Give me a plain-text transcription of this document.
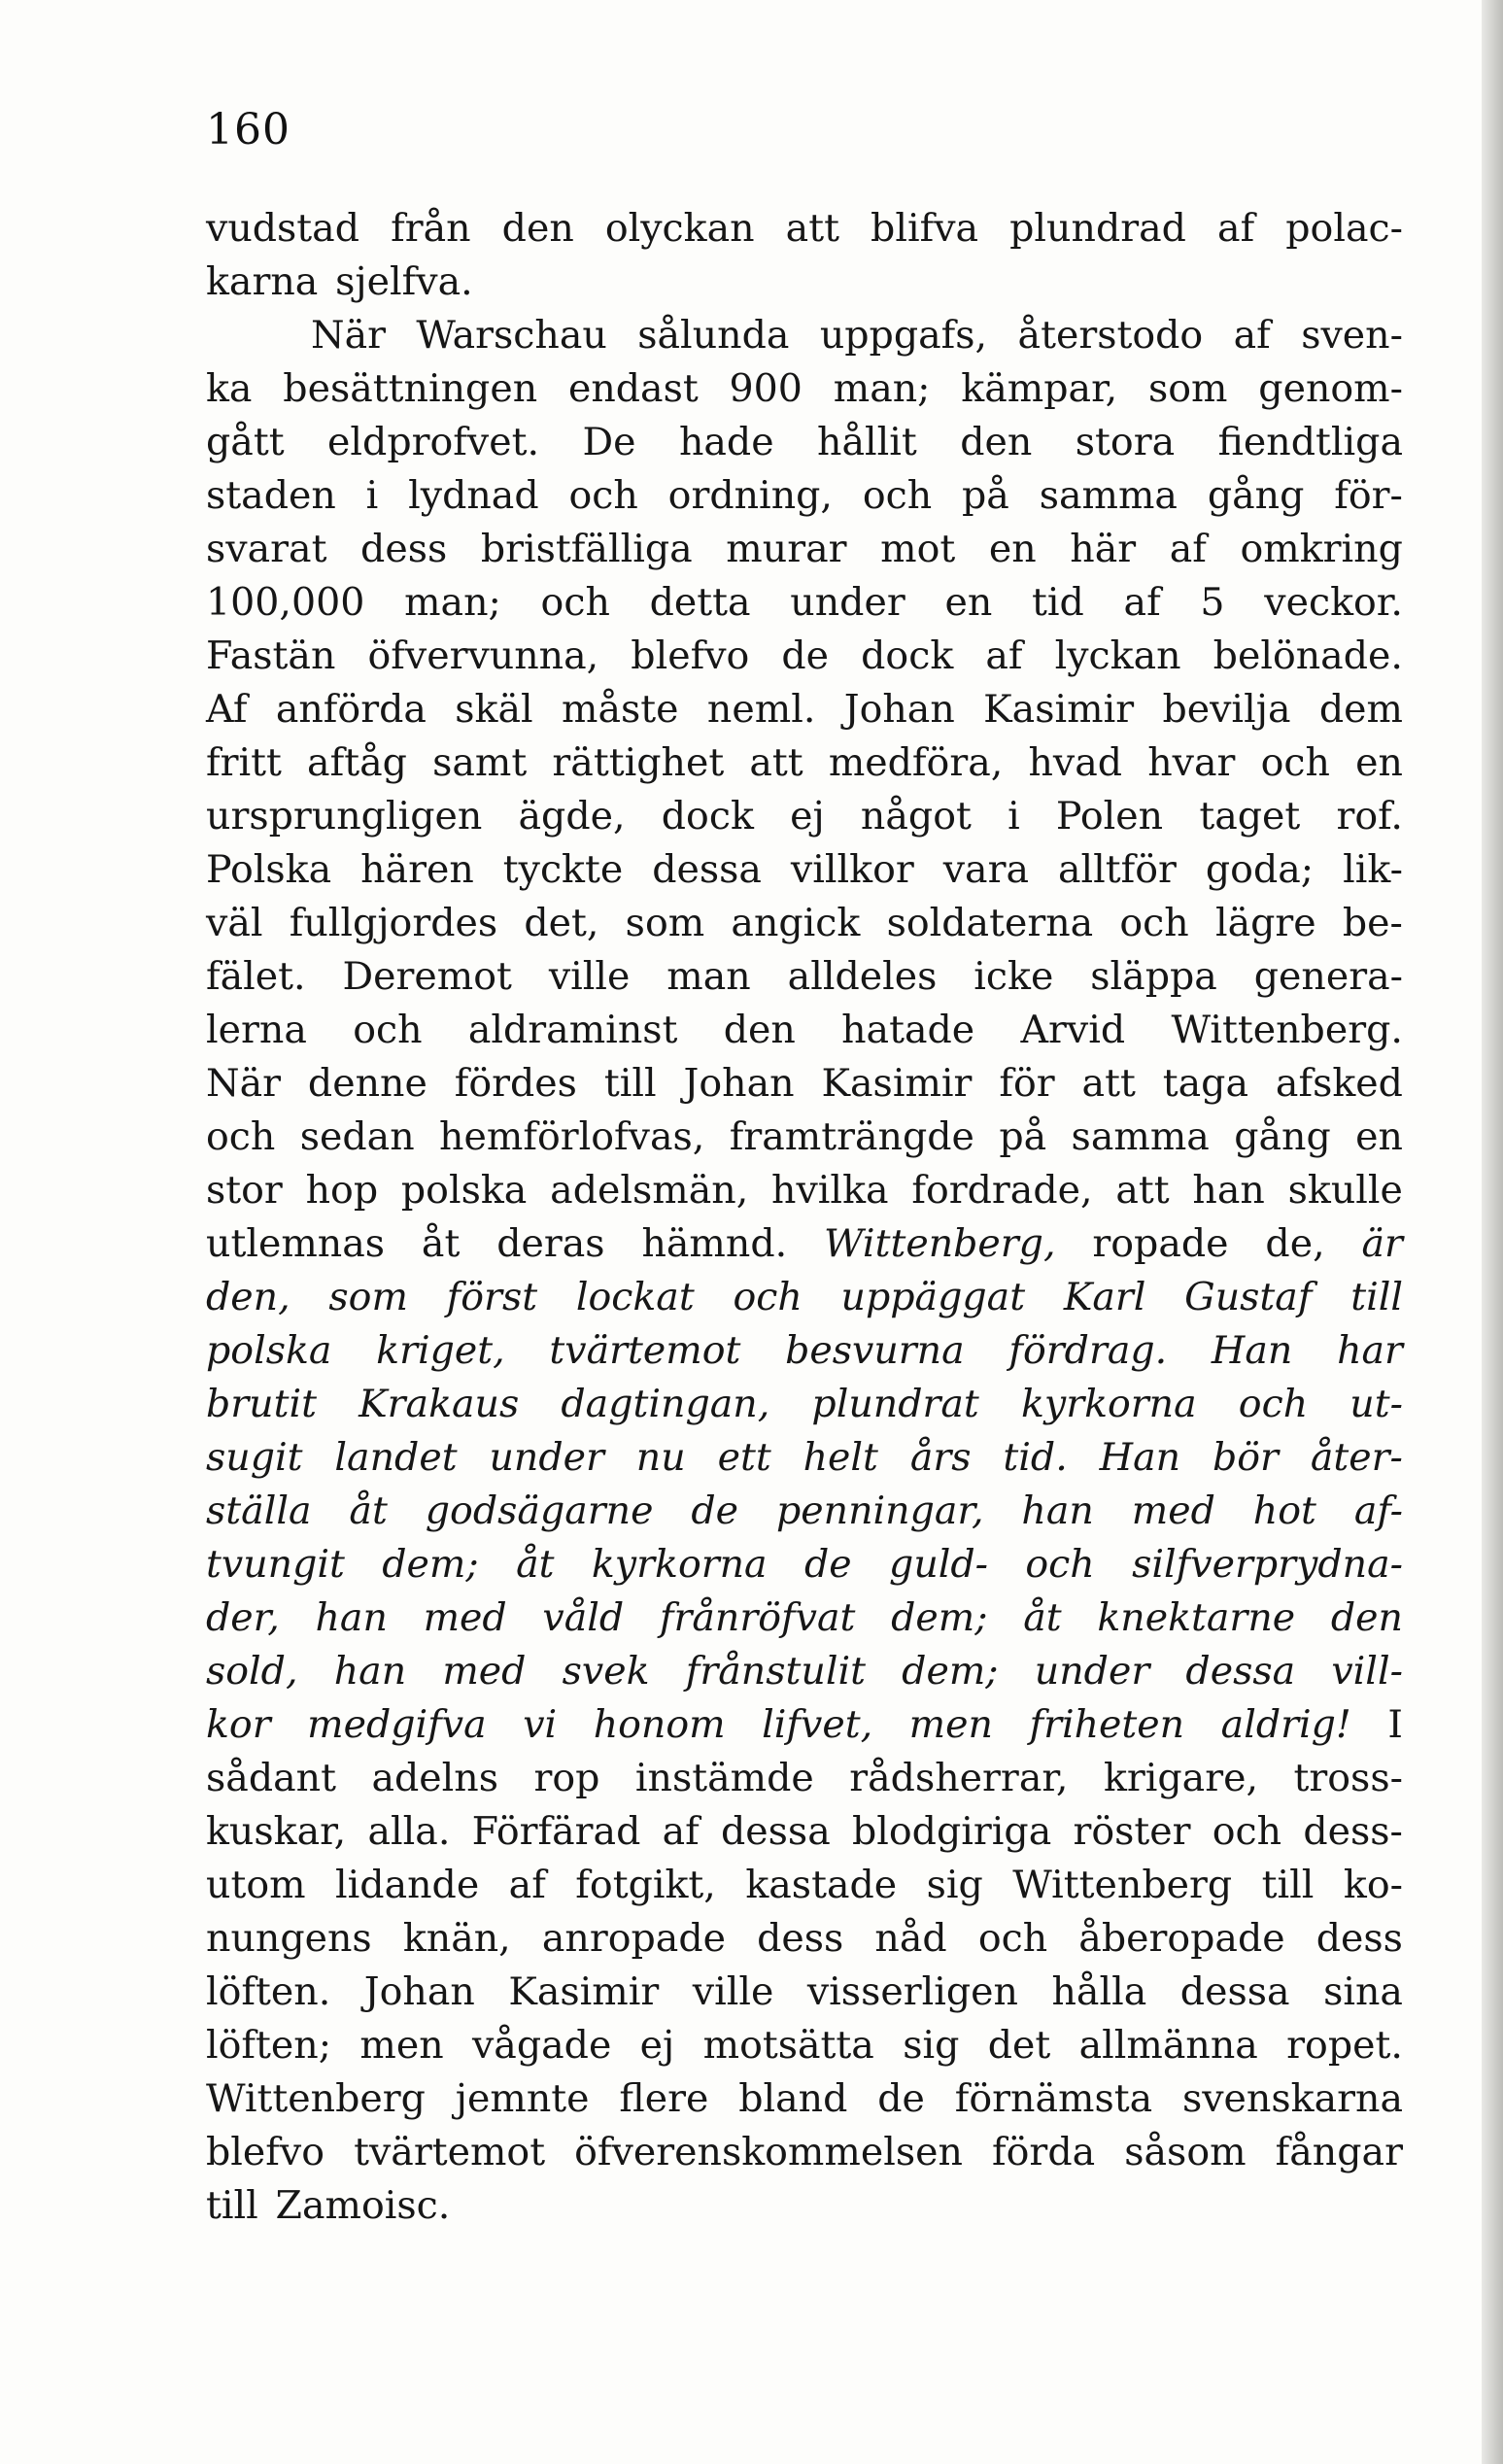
160
vudstad från den olyckan att blifva plundrad af polac-
karna sjelfva.
När Warschau sålunda uppgafs, återstodo af sven-
ka besättningen endast 900 man; kämpar, som genom-
gått eldprofvet. De hade hållit den stora fiendtliga
staden i lydnad och ordning, och på samma gång för-
svarat dess bristfälliga murar mot en här af omkring
100,000 man; och detta under en tid af 5 veckor.
Fastän öfvervunna, blefvo de dock af lyckan belönade.
Af anförda skäl måste neml. Johan Kasimir bevilja dem
fritt aftåg samt rättighet att medföra, hvad hvar och en
ursprungligen ägde, dock ej något i Polen taget rof.
Polska hären tyckte dessa villkor vara alltför goda; lik-
väl fullgjordes det, som angick soldaterna och lägre be-
fälet. Deremot ville man alldeles icke släppa genera-
lerna och aldraminst den hatade Arvid Wittenberg.
När denne fördes till Johan Kasimir för att taga afsked
och sedan hemförlofvas, framträngde på samma gång en
stor hop polska adelsmän, hvilka fordrade, att han skulle
utlemnas åt deras hämnd. Wittenberg, ropade de, är
den, som först lockat och uppäggat Karl Gustaf till
polska kriget, tvärtemot besvurna fördrag. Han har
brutit Krakaus dagtingan, plundrat kyrkorna och ut-
sugit landet under nu ett helt års tid. Han bör åter-
ställa åt godsägarne de penningar, han med hot af-
tvungit dem; åt kyrkorna de guld- och silfverprydna-
der, han med våld frånröfvat dem; åt knektarne den
sold, han med svek frånstulit dem; under dessa vill-
kor medgifva vi honom lifvet, men friheten aldrig! I
sådant adelns rop instämde rådsherrar, krigare, tross-
kuskar, alla. Förfärad af dessa blodgiriga röster och dess-
utom lidande af fotgikt, kastade sig Wittenberg till ko-
nungens knän, anropade dess nåd och åberopade dess
löften. Johan Kasimir ville visserligen hålla dessa sina
löften; men vågade ej motsätta sig det allmänna ropet.
Wittenberg jemnte flere bland de förnämsta svenskarna
blefvo tvärtemot öfverenskommelsen förda såsom fångar
till Zamoisc.
